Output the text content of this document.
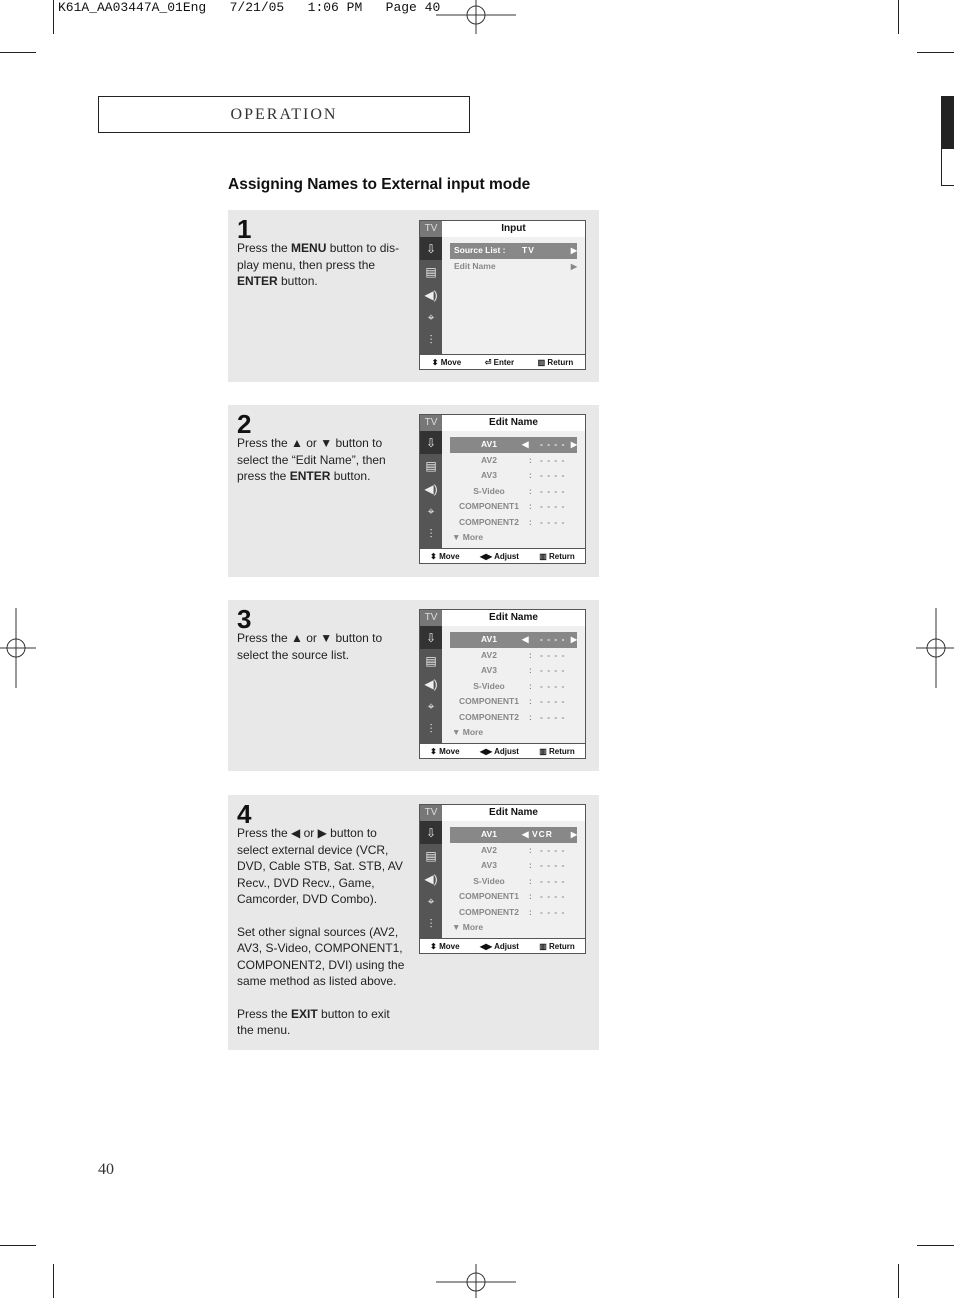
K61A_AA03447A_01Eng   7/21/05   1:06 PM   Page 40
OPERATION
Assigning Names to External input mode
1
Press the MENU button to dis-play menu, then press the ENTER button.
TV
⇩
▤
◀)
⌖
⫶
Input
Source List : TV	▶
Edit Name	▶
⬍ Move	⏎ Enter	▥ Return
2
Press the ▲ or ▼ button to select the “Edit Name”, then press the ENTER button.
TV
⇩
▤
◀)
⌖
⫶
Edit Name
AV1	◀ - - - - ▶
AV2	: - - - -
AV3	: - - - -
S-Video	: - - - -
COMPONENT1	: - - - -
COMPONENT2	: - - - -
▼ More
⬍ Move	◀▶ Adjust	▥ Return
3
Press the ▲ or ▼ button to select the source list.
TV
⇩
▤
◀)
⌖
⫶
Edit Name
AV1	◀ - - - - ▶
AV2	: - - - -
AV3	: - - - -
S-Video	: - - - -
COMPONENT1	: - - - -
COMPONENT2	: - - - -
▼ More
⬍ Move	◀▶ Adjust	▥ Return
4

Press the ◀ or ▶ button to select external device (VCR, DVD, Cable STB, Sat. STB, AV Recv., DVD Recv., Game, Camcorder, DVD Combo).

Set other signal sources (AV2, AV3, S-Video, COMPONENT1, COMPONENT2, DVI) using the same method as listed above.

Press the EXIT button to exit the menu.

TV
⇩
▤
◀)
⌖
⫶
Edit Name
AV1	◀ VCR ▶
AV2	: - - - -
AV3	: - - - -
S-Video	: - - - -
COMPONENT1	: - - - -
COMPONENT2	: - - - -
▼ More
⬍ Move	◀▶ Adjust	▥ Return
40
